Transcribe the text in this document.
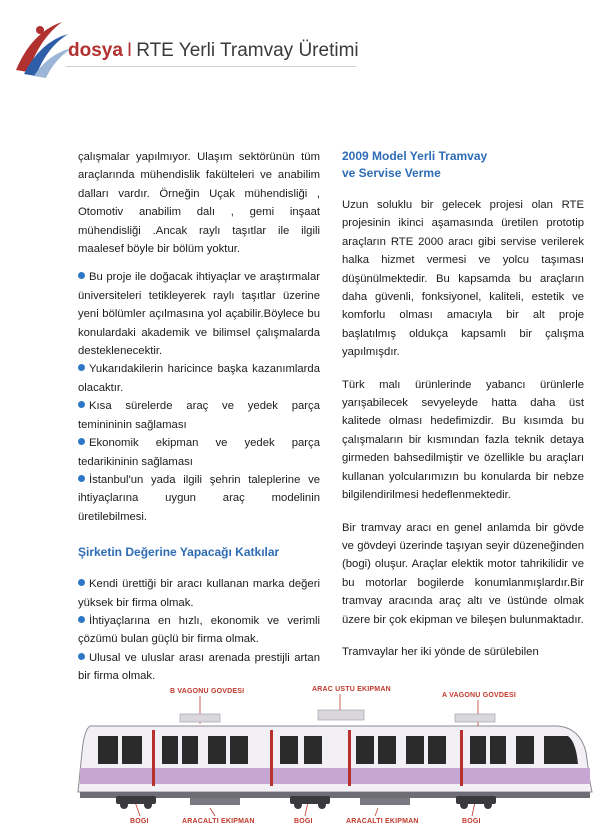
dosya I RTE Yerli Tramvay Üretimi

çalışmalar yapılmıyor. Ulaşım sektörünün tüm araçlarında mühendislik fakülteleri ve anabilim dalları vardır. Örneğin Uçak mühendisliği , Otomotiv anabilim dalı , gemi inşaat mühendisliği .Ancak raylı taşıtlar ile ilgili maalesef böyle bir bölüm yoktur.

Bu proje ile doğacak ihtiyaçlar ve araştırmalar üniversiteleri tetikleyerek raylı taşıtlar üzerine yeni bölümler açılmasına yol açabilir.Böylece bu konulardaki akademik ve bilimsel çalışmalarda desteklenecektir.

Yukarıdakilerin haricince başka kazanımlarda olacaktır.

Kısa sürelerde araç ve yedek parça teminininin sağlaması

Ekonomik ekipman ve yedek parça tedarikininin sağlaması

İstanbul'un yada ilgili şehrin taleplerine ve ihtiyaçlarına uygun araç modelinin üretilebilmesi.

Şirketin Değerine Yapacağı Katkılar

Kendi ürettiği bir aracı kullanan marka değeri yüksek bir firma olmak.

İhtiyaçlarına en hızlı, ekonomik ve verimli çözümü bulan güçlü bir firma olmak.

Ulusal ve uluslar arası arenada prestijli artan bir firma olmak.

2009 Model Yerli Tramvay
ve Servise Verme

Uzun soluklu bir gelecek projesi olan RTE projesinin ikinci aşamasında üretilen prototip araçların RTE 2000 aracı gibi servise verilerek halka hizmet vermesi ve yolcu taşıması düşünülmektedir. Bu kapsamda bu araçların daha güvenli, fonksiyonel, kaliteli, estetik ve komforlu olması amacıyla bir alt proje başlatılmış oldukça kapsamlı bir çalışma yapılmışdır.

Türk malı ürünlerinde yabancı ürünlerle yarışabilecek sevyeleyde hatta daha üst kalitede olması hedefimizdir. Bu kısımda bu çalışmaların bir kısmından fazla teknik detaya girmeden bahsedilmiştir ve özellikle bu araçları kullanan yolcularımızın bu konularda bir nebze bilgilendirilmesi hedeflenmektedir.

Bir tramvay aracı en genel anlamda bir gövde ve gövdeyi üzerinde taşıyan seyir düzeneğinden (bogi) oluşur. Araçlar elektik motor tahrikilidir ve bu motorlar bogilerde konumlanmışlardır.Bir tramvay aracında araç altı ve üstünde olmak üzere bir çok ekipman ve bileşen bulunmaktadır.

Tramvaylar her iki yönde de sürülebilen

B VAGONU GOVDESI	ARAC USTU EKIPMAN
A VAGONU GOVDESI
BOGI	ARACALTI EKIPMAN	BOGI	ARACALTI EKIPMAN	BOGI
